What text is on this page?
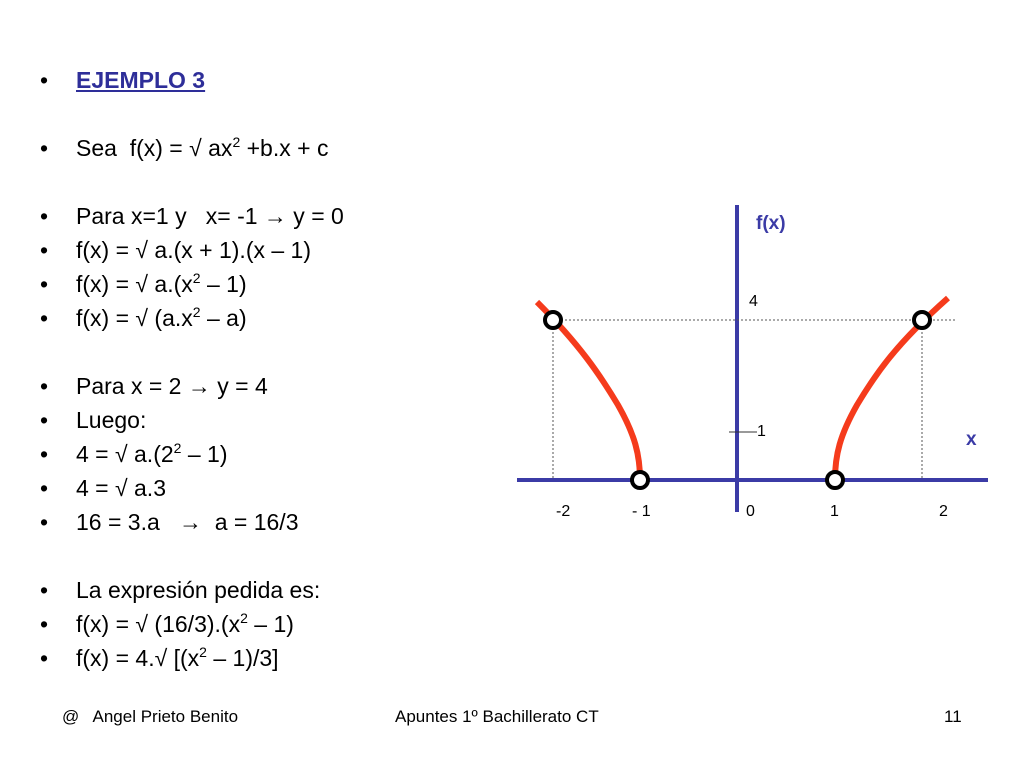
• EJEMPLO 3
• Sea  f(x) = √ $ax^2 +b.x + c$
• Para x=1 y   x= -1 → y = 0
• f(x) = √ a.(x + 1).(x – 1)
• f(x) = √ $a.(x^2 - 1)$
• f(x) = √ $(a.x^2 - a)$
• Para x = 2 → y = 4
• Luego:
• 4 = √ $a.(2^2 - 1)$
• 4 = √ a.3
• 16 = 3.a   →  a = 16/3
• La expresión pedida es:
• f(x) = √ $(16/3).(x^2 - 1)$
• f(x) = 4.√ $[(x^2 - 1)/3]$
f(x)
x
4
1
-2	- 1	0	1	2
@   Angel Prieto Benito	Apuntes 1º Bachillerato CT	11
